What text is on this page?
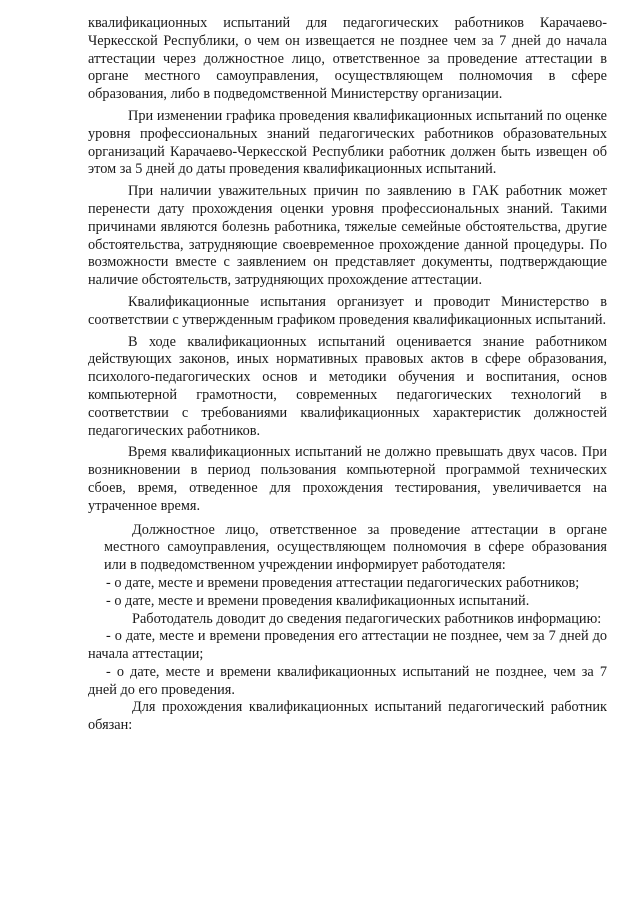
квалификационных испытаний для педагогических работников Карачаево-Черкесской Республики, о чем он извещается не позднее чем за 7 дней до начала аттестации через должностное лицо, ответственное за проведение аттестации в органе местного самоуправления, осуществляющем полномочия в сфере образования, либо в подведомственной Министерству организации.

При изменении графика проведения квалификационных испытаний по оценке уровня профессиональных знаний педагогических работников образовательных организаций Карачаево-Черкесской Республики работник должен быть извещен об этом за 5 дней до даты проведения квалификационных испытаний.

При наличии уважительных причин по заявлению в ГАК работник может перенести дату прохождения оценки уровня профессиональных знаний. Такими причинами являются болезнь работника, тяжелые семейные обстоятельства, другие обстоятельства, затрудняющие своевременное прохождение данной процедуры. По возможности вместе с заявлением он представляет документы, подтверждающие наличие обстоятельств, затрудняющих прохождение аттестации.

Квалификационные испытания организует и проводит Министерство в соответствии с утвержденным графиком проведения квалификационных испытаний.

В ходе квалификационных испытаний оценивается знание работником действующих законов, иных нормативных правовых актов в сфере образования, психолого-педагогических основ и методики обучения и воспитания, основ компьютерной грамотности, современных педагогических технологий в соответствии с требованиями квалификационных характеристик должностей педагогических работников.

Время квалификационных испытаний не должно превышать двух часов. При возникновении в период пользования компьютерной программой технических сбоев, время, отведенное для прохождения тестирования, увеличивается на утраченное время.

Должностное лицо, ответственное за проведение аттестации в органе местного самоуправления, осуществляющем полномочия в сфере образования или в подведомственном учреждении информирует работодателя:

- о дате, месте и времени проведения аттестации педагогических работников;

- о дате, месте и времени проведения квалификационных испытаний.

Работодатель доводит до сведения педагогических работников информацию:

- о дате, месте и времени проведения его аттестации не позднее, чем за 7 дней до начала аттестации;

- о дате, месте и времени квалификационных испытаний не позднее, чем за 7 дней до его проведения.

Для прохождения квалификационных испытаний педагогический работник обязан:
